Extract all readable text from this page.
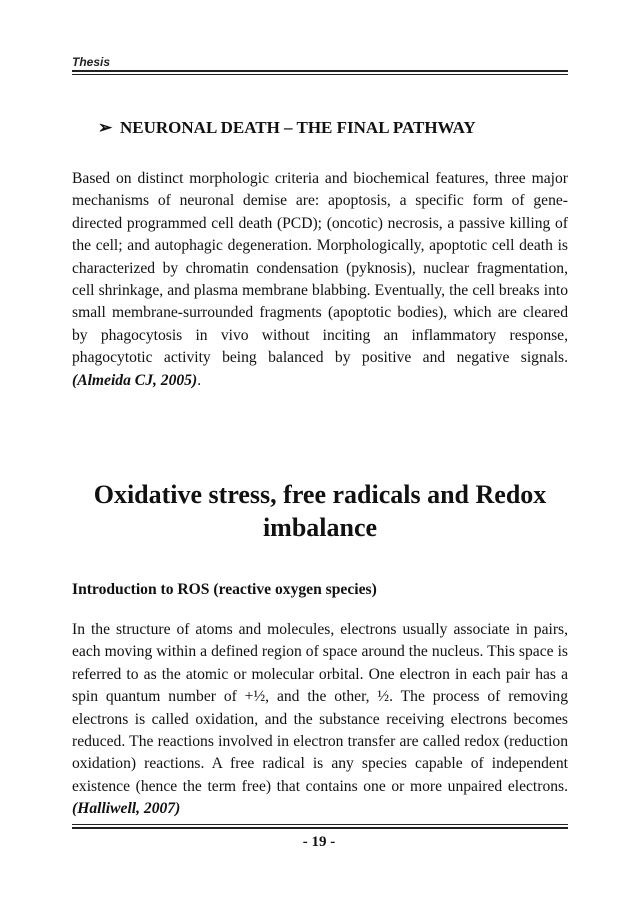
Thesis
➢ NEURONAL DEATH – THE FINAL PATHWAY

Based on distinct morphologic criteria and biochemical features, three major mechanisms of neuronal demise are: apoptosis, a specific form of gene-directed programmed cell death (PCD); (oncotic) necrosis, a passive killing of the cell; and autophagic degeneration. Morphologically, apoptotic cell death is characterized by chromatin condensation (pyknosis), nuclear fragmentation, cell shrinkage, and plasma membrane blabbing. Eventually, the cell breaks into small membrane-surrounded fragments (apoptotic bodies), which are cleared by phagocytosis in vivo without inciting an inflammatory response, phagocytotic activity being balanced by positive and negative signals. (Almeida CJ, 2005).

Oxidative stress, free radicals and Redox
imbalance
Introduction to ROS (reactive oxygen species)

In the structure of atoms and molecules, electrons usually associate in pairs, each moving within a defined region of space around the nucleus. This space is referred to as the atomic or molecular orbital. One electron in each pair has a spin quantum number of +½, and the other, ½. The process of removing electrons is called oxidation, and the substance receiving electrons becomes reduced. The reactions involved in electron transfer are called redox (reduction oxidation) reactions. A free radical is any species capable of independent existence (hence the term free) that contains one or more unpaired electrons. (Halliwell, 2007)

- 19 -
